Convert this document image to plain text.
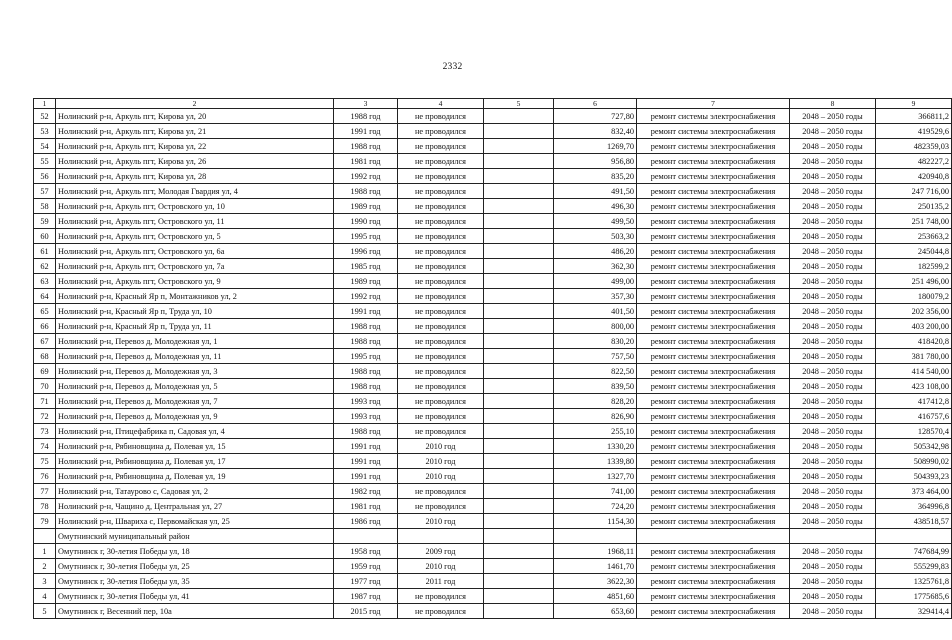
2332
1	2	3	4	5	6	7	8	9
52	Нолинский р-н, Аркуль пгт, Кирова ул, 20	1988 год	не проводился		727,80	ремонт системы электроснабжения	2048 – 2050 годы	366811,2
53	Нолинский р-н, Аркуль пгт, Кирова ул, 21	1991 год	не проводился		832,40	ремонт системы электроснабжения	2048 – 2050 годы	419529,6
54	Нолинский р-н, Аркуль пгт, Кирова ул, 22	1988 год	не проводился		1269,70	ремонт системы электроснабжения	2048 – 2050 годы	482359,03
55	Нолинский р-н, Аркуль пгт, Кирова ул, 26	1981 год	не проводился		956,80	ремонт системы электроснабжения	2048 – 2050 годы	482227,2
56	Нолинский р-н, Аркуль пгт, Кирова ул, 28	1992 год	не проводился		835,20	ремонт системы электроснабжения	2048 – 2050 годы	420940,8
57	Нолинский р-н, Аркуль пгт, Молодая Гвардия ул, 4	1988 год	не проводился		491,50	ремонт системы электроснабжения	2048 – 2050 годы	247 716,00
58	Нолинский р-н, Аркуль пгт, Островского ул, 10	1989 год	не проводился		496,30	ремонт системы электроснабжения	2048 – 2050 годы	250135,2
59	Нолинский р-н, Аркуль пгт, Островского ул, 11	1990 год	не проводился		499,50	ремонт системы электроснабжения	2048 – 2050 годы	251 748,00
60	Нолинский р-н, Аркуль пгт, Островского ул, 5	1995 год	не проводился		503,30	ремонт системы электроснабжения	2048 – 2050 годы	253663,2
61	Нолинский р-н, Аркуль пгт, Островского ул, 6а	1996 год	не проводился		486,20	ремонт системы электроснабжения	2048 – 2050 годы	245044,8
62	Нолинский р-н, Аркуль пгт, Островского ул, 7а	1985 год	не проводился		362,30	ремонт системы электроснабжения	2048 – 2050 годы	182599,2
63	Нолинский р-н, Аркуль пгт, Островского ул, 9	1989 год	не проводился		499,00	ремонт системы электроснабжения	2048 – 2050 годы	251 496,00
64	Нолинский р-н, Красный Яр п, Монтажников ул, 2	1992 год	не проводился		357,30	ремонт системы электроснабжения	2048 – 2050 годы	180079,2
65	Нолинский р-н, Красный Яр п, Труда ул, 10	1991 год	не проводился		401,50	ремонт системы электроснабжения	2048 – 2050 годы	202 356,00
66	Нолинский р-н, Красный Яр п, Труда ул, 11	1988 год	не проводился		800,00	ремонт системы электроснабжения	2048 – 2050 годы	403 200,00
67	Нолинский р-н, Перевоз д, Молодежная ул, 1	1988 год	не проводился		830,20	ремонт системы электроснабжения	2048 – 2050 годы	418420,8
68	Нолинский р-н, Перевоз д, Молодежная ул, 11	1995 год	не проводился		757,50	ремонт системы электроснабжения	2048 – 2050 годы	381 780,00
69	Нолинский р-н, Перевоз д, Молодежная ул, 3	1988 год	не проводился		822,50	ремонт системы электроснабжения	2048 – 2050 годы	414 540,00
70	Нолинский р-н, Перевоз д, Молодежная ул, 5	1988 год	не проводился		839,50	ремонт системы электроснабжения	2048 – 2050 годы	423 108,00
71	Нолинский р-н, Перевоз д, Молодежная ул, 7	1993 год	не проводился		828,20	ремонт системы электроснабжения	2048 – 2050 годы	417412,8
72	Нолинский р-н, Перевоз д, Молодежная ул, 9	1993 год	не проводился		826,90	ремонт системы электроснабжения	2048 – 2050 годы	416757,6
73	Нолинский р-н, Птицефабрика п, Садовая ул, 4	1988 год	не проводился		255,10	ремонт системы электроснабжения	2048 – 2050 годы	128570,4
74	Нолинский р-н, Рябиновщина д, Полевая ул, 15	1991 год	2010 год		1330,20	ремонт системы электроснабжения	2048 – 2050 годы	505342,98
75	Нолинский р-н, Рябиновщина д, Полевая ул, 17	1991 год	2010 год		1339,80	ремонт системы электроснабжения	2048 – 2050 годы	508990,02
76	Нолинский р-н, Рябиновщина д, Полевая ул, 19	1991 год	2010 год		1327,70	ремонт системы электроснабжения	2048 – 2050 годы	504393,23
77	Нолинский р-н, Татаурово с, Садовая ул, 2	1982 год	не проводился		741,00	ремонт системы электроснабжения	2048 – 2050 годы	373 464,00
78	Нолинский р-н, Чащино д, Центральная ул, 27	1981 год	не проводился		724,20	ремонт системы электроснабжения	2048 – 2050 годы	364996,8
79	Нолинский р-н, Швариха с, Первомайская ул, 25	1986 год	2010 год		1154,30	ремонт системы электроснабжения	2048 – 2050 годы	438518,57
	Омутнинский муниципальный район							
1	Омутнинск г, 30-летия Победы ул, 18	1958 год	2009 год		1968,11	ремонт системы электроснабжения	2048 – 2050 годы	747684,99
2	Омутнинск г, 30-летия Победы ул, 25	1959 год	2010 год		1461,70	ремонт системы электроснабжения	2048 – 2050 годы	555299,83
3	Омутнинск г, 30-летия Победы ул, 35	1977 год	2011 год		3622,30	ремонт системы электроснабжения	2048 – 2050 годы	1325761,8
4	Омутнинск г, 30-летия Победы ул, 41	1987 год	не проводился		4851,60	ремонт системы электроснабжения	2048 – 2050 годы	1775685,6
5	Омутнинск г, Весенний пер, 10а	2015 год	не проводился		653,60	ремонт системы электроснабжения	2048 – 2050 годы	329414,4
